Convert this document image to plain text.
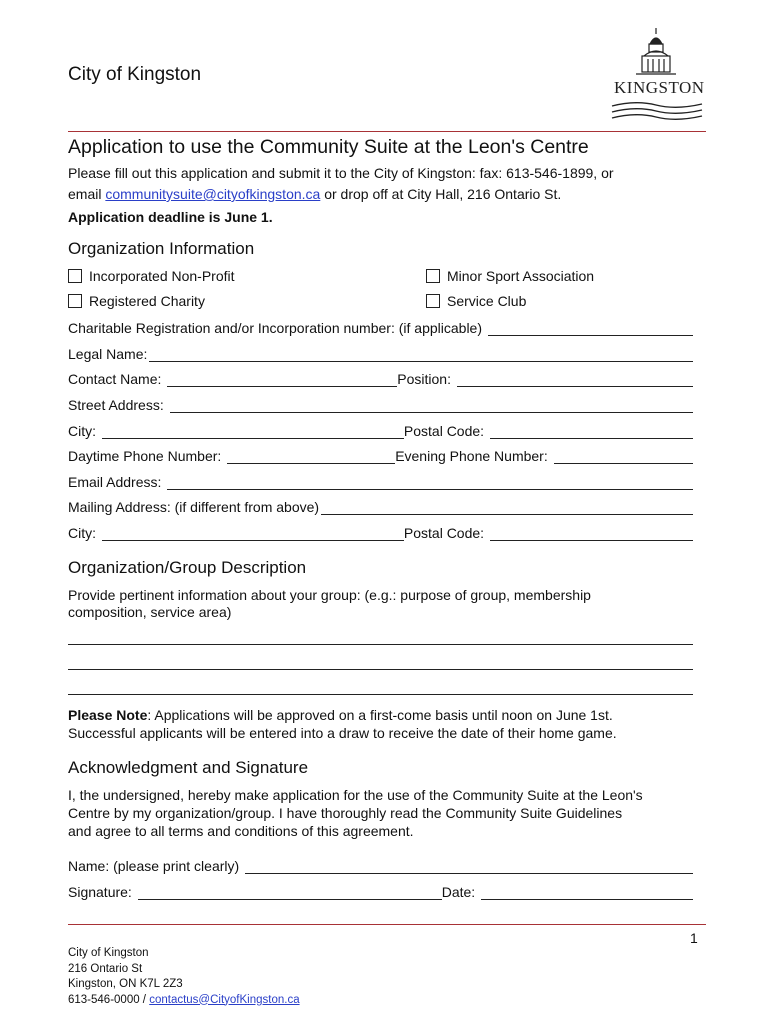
City of Kingston
KINGSTON
Application to use the Community Suite at the Leon's Centre
Please fill out this application and submit it to the City of Kingston: fax: 613-546-1899, or
email communitysuite@cityofkingston.ca or drop off at City Hall, 216 Ontario St.
Application deadline is June 1.
Organization Information
Incorporated Non-Profit	Minor Sport Association
Registered Charity	Service Club
Charitable Registration and/or Incorporation number: (if applicable)
Legal Name:
Contact Name:	Position:
Street Address:
City:	Postal Code:
Daytime Phone Number:	Evening Phone Number:
Email Address:
Mailing Address: (if different from above)
City:	Postal Code:
Organization/Group Description
Provide pertinent information about your group: (e.g.: purpose of group, membership
composition, service area)
Please Note: Applications will be approved on a first-come basis until noon on June 1st.
Successful applicants will be entered into a draw to receive the date of their home game.
Acknowledgment and Signature
I, the undersigned, hereby make application for the use of the Community Suite at the Leon's
Centre by my organization/group. I have thoroughly read the Community Suite Guidelines
and agree to all terms and conditions of this agreement.
Name: (please print clearly)
Signature:	Date:
1
City of Kingston
216 Ontario St
Kingston, ON K7L 2Z3
613-546-0000 / contactus@CityofKingston.ca
